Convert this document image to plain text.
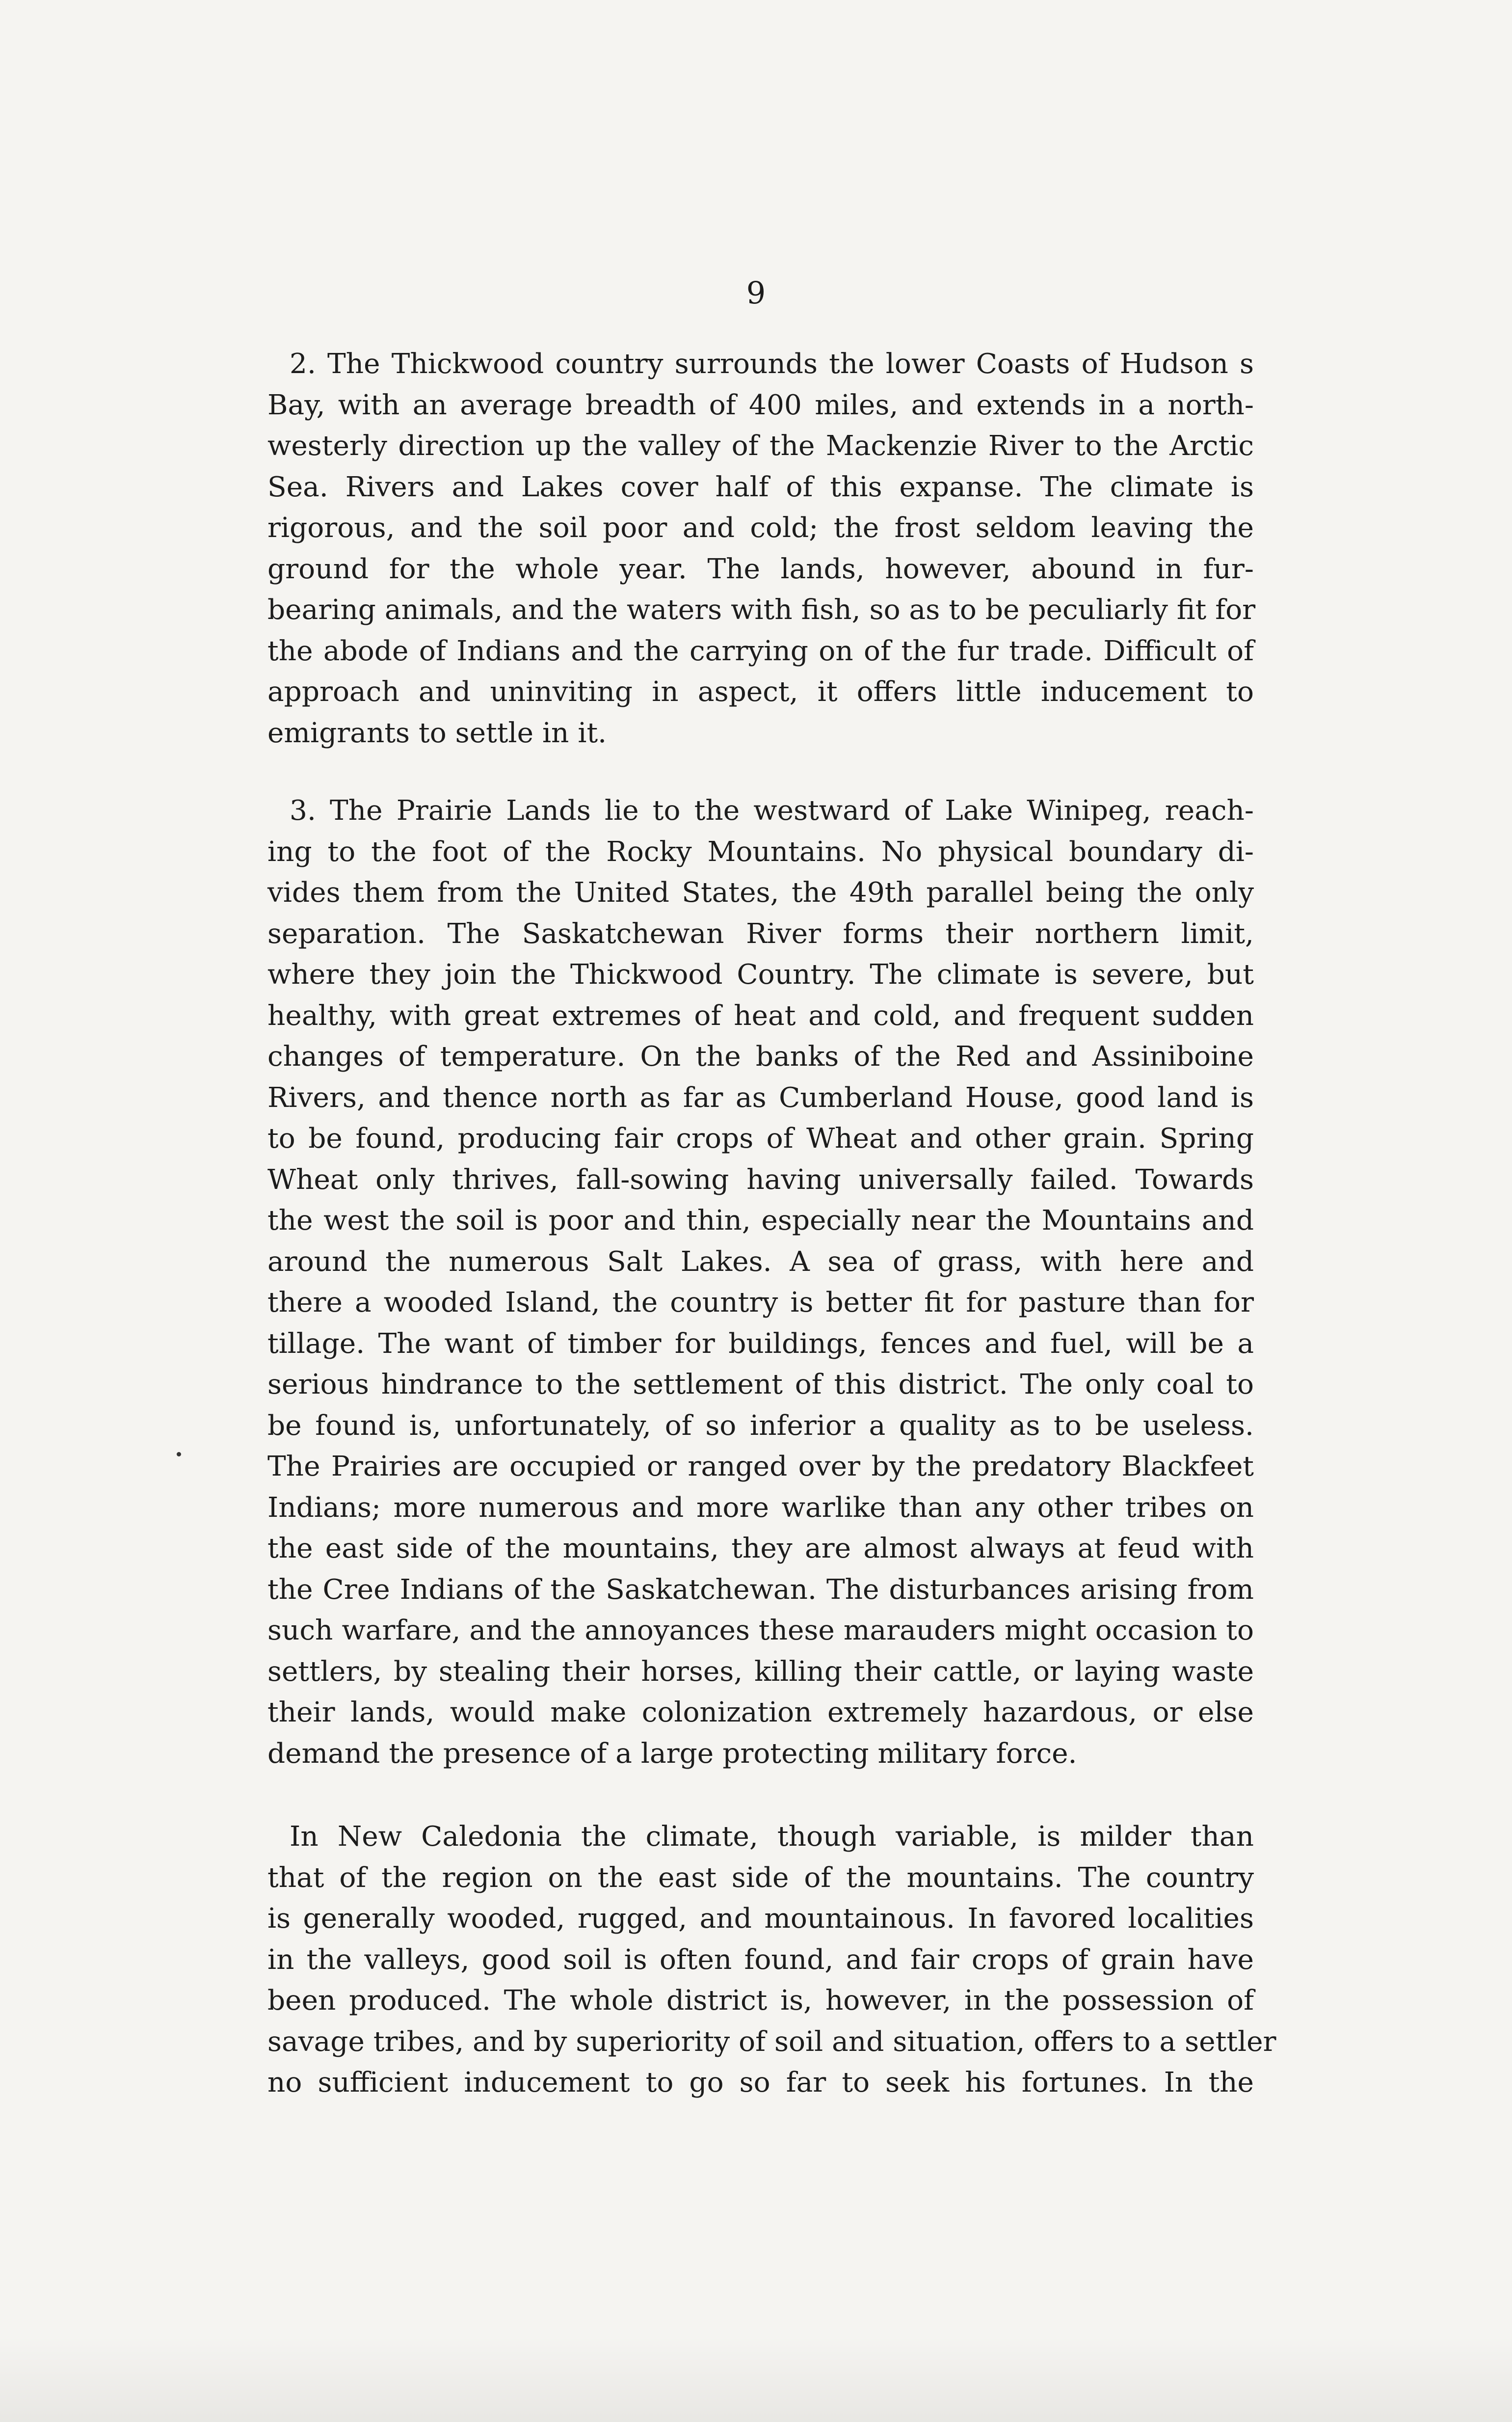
9
2. The Thickwood country surrounds the lower Coasts of Hudson s
Bay, with an average breadth of 400 miles, and extends in a north-
westerly direction up the valley of the Mackenzie River to the Arctic
Sea. Rivers and Lakes cover half of this expanse. The climate is
rigorous, and the soil poor and cold; the frost seldom leaving the
ground for the whole year. The lands, however, abound in fur-
bearing animals, and the waters with fish, so as to be peculiarly fit for
the abode of Indians and the carrying on of the fur trade. Difficult of
approach and uninviting in aspect, it offers little inducement to
emigrants to settle in it.
3. The Prairie Lands lie to the westward of Lake Winipeg, reach-
ing to the foot of the Rocky Mountains. No physical boundary di-
vides them from the United States, the 49th parallel being the only
separation. The Saskatchewan River forms their northern limit,
where they join the Thickwood Country. The climate is severe, but
healthy, with great extremes of heat and cold, and frequent sudden
changes of temperature. On the banks of the Red and Assiniboine
Rivers, and thence north as far as Cumberland House, good land is
to be found, producing fair crops of Wheat and other grain. Spring
Wheat only thrives, fall-sowing having universally failed. Towards
the west the soil is poor and thin, especially near the Mountains and
around the numerous Salt Lakes. A sea of grass, with here and
there a wooded Island, the country is better fit for pasture than for
tillage. The want of timber for buildings, fences and fuel, will be a
serious hindrance to the settlement of this district. The only coal to
be found is, unfortunately, of so inferior a quality as to be useless.
The Prairies are occupied or ranged over by the predatory Blackfeet
Indians; more numerous and more warlike than any other tribes on
the east side of the mountains, they are almost always at feud with
the Cree Indians of the Saskatchewan. The disturbances arising from
such warfare, and the annoyances these marauders might occasion to
settlers, by stealing their horses, killing their cattle, or laying waste
their lands, would make colonization extremely hazardous, or else
demand the presence of a large protecting military force.
In New Caledonia the climate, though variable, is milder than
that of the region on the east side of the mountains. The country
is generally wooded, rugged, and mountainous. In favored localities
in the valleys, good soil is often found, and fair crops of grain have
been produced. The whole district is, however, in the possession of
savage tribes, and by superiority of soil and situation, offers to a settler
no sufficient inducement to go so far to seek his fortunes. In the
